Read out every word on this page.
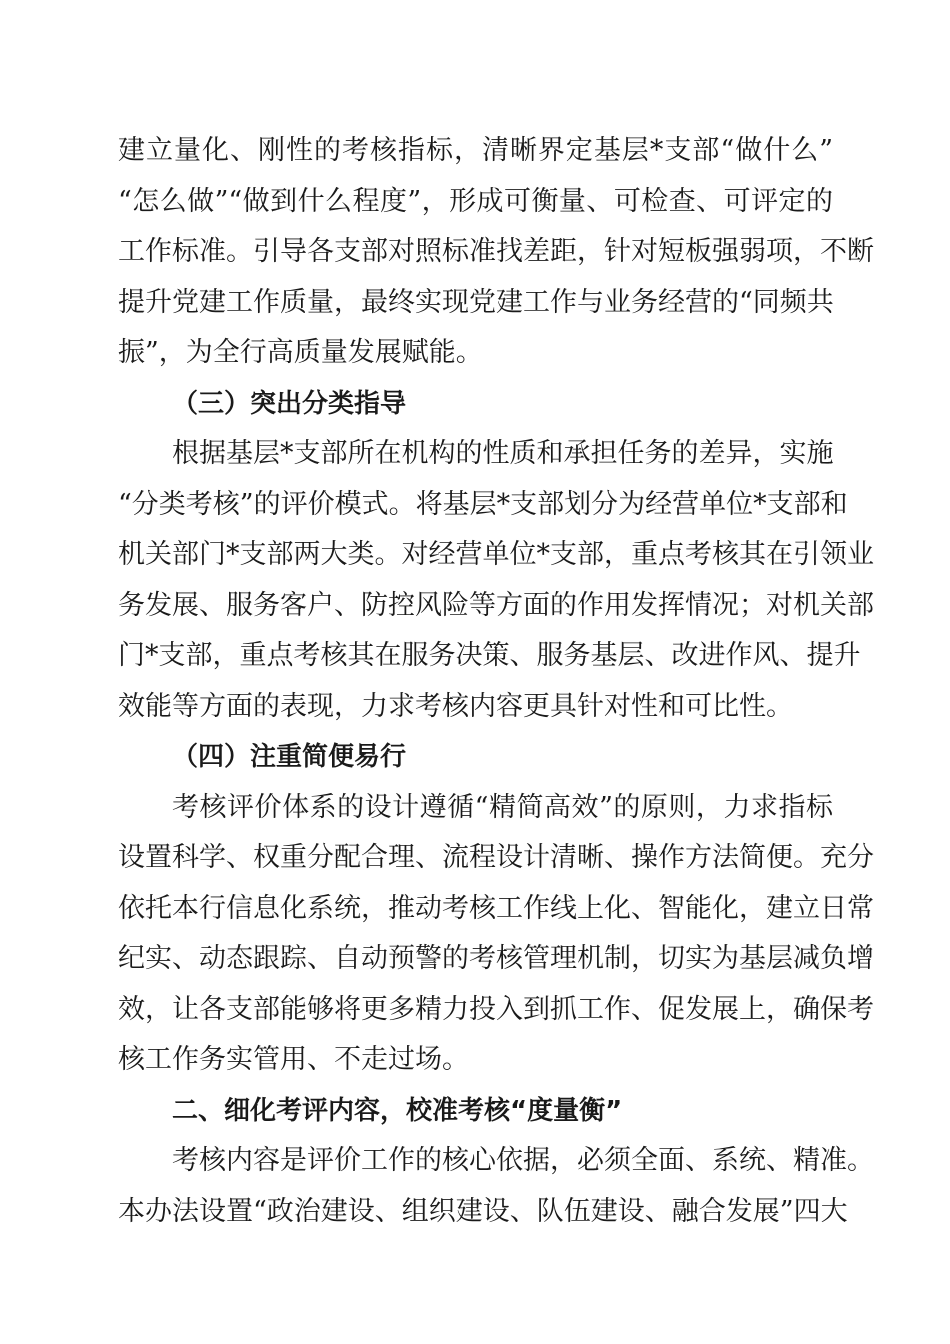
建立量化、刚性的考核指标，清晰界定基层*支部“做什么”
“怎么做”“做到什么程度”，形成可衡量、可检查、可评定的
工作标准。引导各支部对照标准找差距，针对短板强弱项，不断
提升党建工作质量，最终实现党建工作与业务经营的“同频共
振”，为全行高质量发展赋能。
（三）突出分类指导
根据基层*支部所在机构的性质和承担任务的差异，实施
“分类考核”的评价模式。将基层*支部划分为经营单位*支部和
机关部门*支部两大类。对经营单位*支部，重点考核其在引领业
务发展、服务客户、防控风险等方面的作用发挥情况；对机关部
门*支部，重点考核其在服务决策、服务基层、改进作风、提升
效能等方面的表现，力求考核内容更具针对性和可比性。
（四）注重简便易行
考核评价体系的设计遵循“精简高效”的原则，力求指标
设置科学、权重分配合理、流程设计清晰、操作方法简便。充分
依托本行信息化系统，推动考核工作线上化、智能化，建立日常
纪实、动态跟踪、自动预警的考核管理机制，切实为基层减负增
效，让各支部能够将更多精力投入到抓工作、促发展上，确保考
核工作务实管用、不走过场。
二、细化考评内容，校准考核“度量衡”
考核内容是评价工作的核心依据，必须全面、系统、精准。
本办法设置“政治建设、组织建设、队伍建设、融合发展”四大
